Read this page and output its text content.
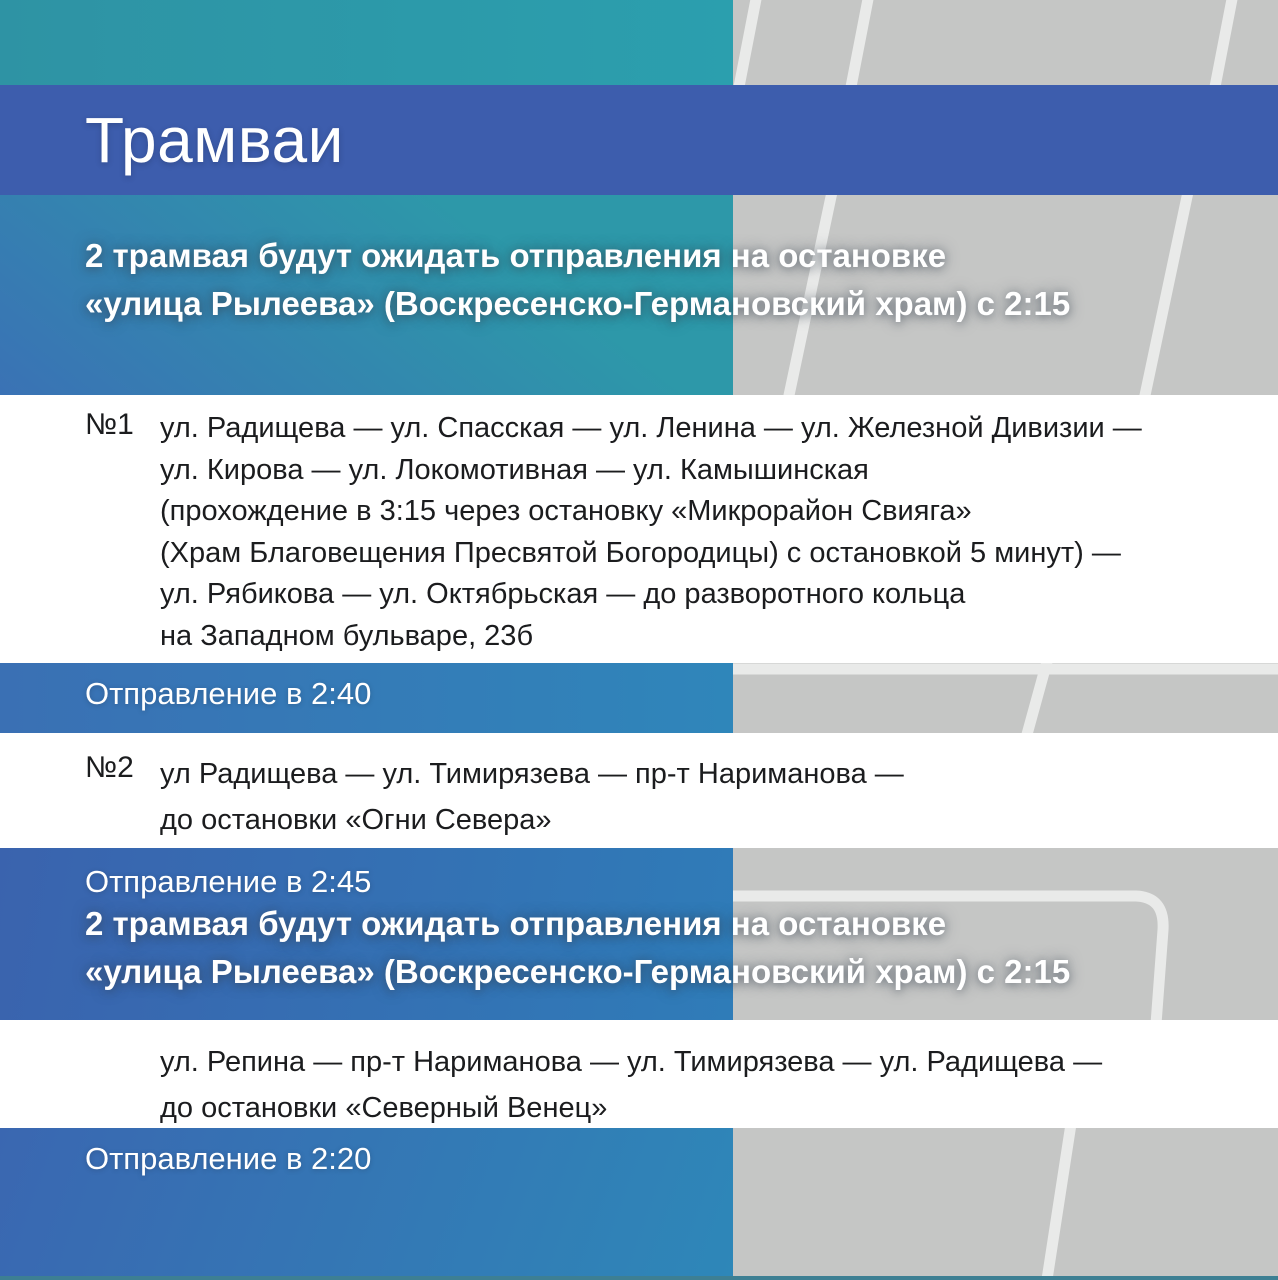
Трамваи
2 трамвая будут ожидать отправления на остановке
«улица Рылеева» (Воскресенско-Германовский храм) с 2:15
№1 ул. Радищева — ул. Спасская — ул. Ленина — ул. Железной Дивизии —
ул. Кирова — ул. Локомотивная — ул. Камышинская
(прохождение в 3:15 через остановку «Микрорайон Свияга»
(Храм Благовещения Пресвятой Богородицы) с остановкой 5 минут) —
ул. Рябикова — ул. Октябрьская — до разворотного кольца
на Западном бульваре, 23б
Отправление в 2:40
№2 ул Радищева — ул. Тимирязева — пр-т Нариманова —
до остановки «Огни Севера»
Отправление в 2:45
2 трамвая будут ожидать отправления на остановке
«улица Рылеева» (Воскресенско-Германовский храм) с 2:15
ул. Репина — пр-т Нариманова — ул. Тимирязева — ул. Радищева —
до остановки «Северный Венец»
Отправление в 2:20
